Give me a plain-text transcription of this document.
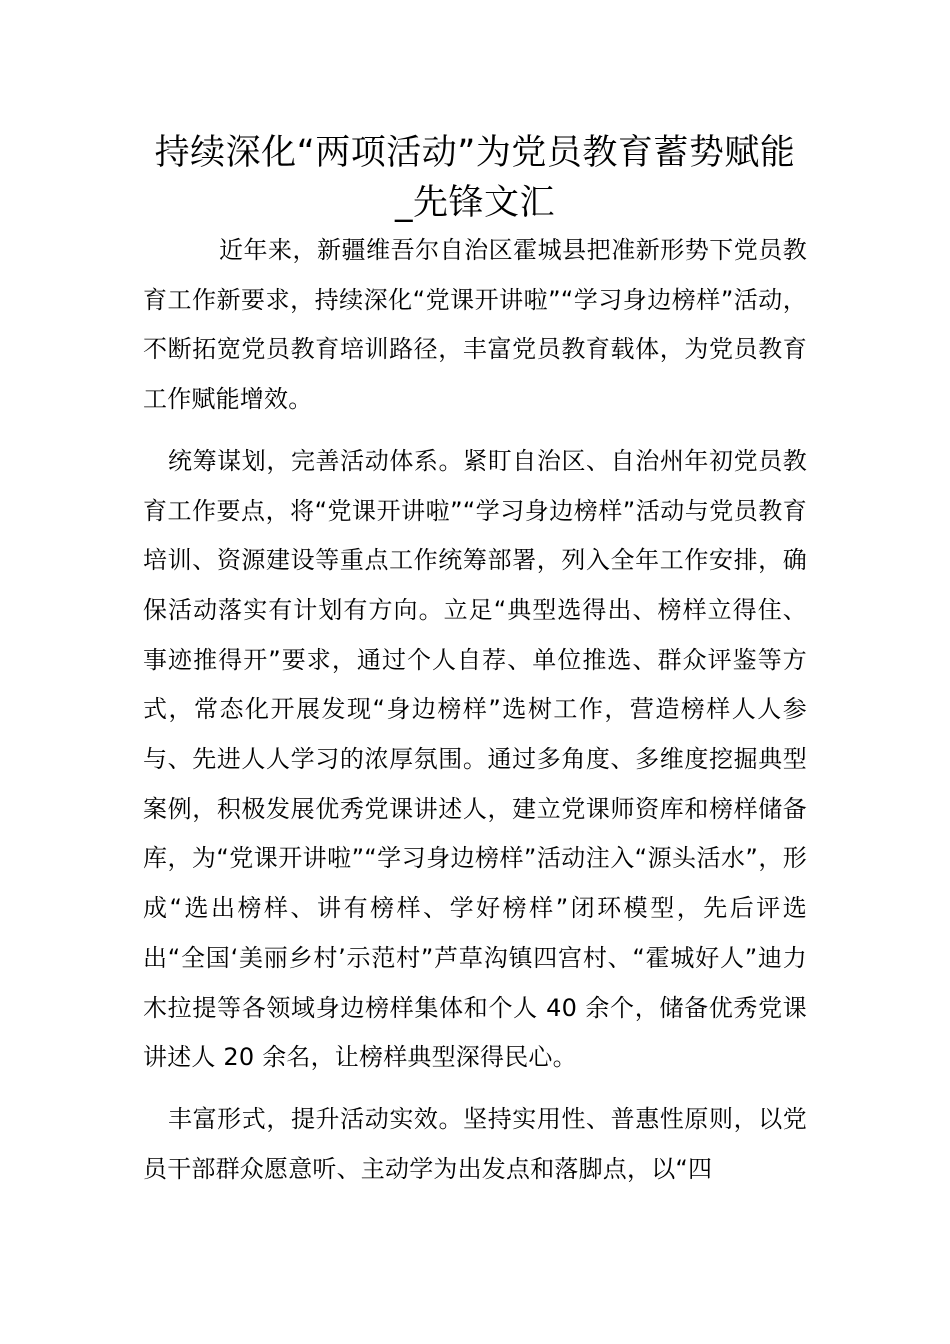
持续深化“两项活动”为党员教育蓄势赋能_先锋文汇

近年来，新疆维吾尔自治区霍城县把准新形势下党员教育工作新要求，持续深化“党课开讲啦”“学习身边榜样”活动，不断拓宽党员教育培训路径，丰富党员教育载体，为党员教育工作赋能增效。

统筹谋划，完善活动体系。紧盯自治区、自治州年初党员教育工作要点，将“党课开讲啦”“学习身边榜样”活动与党员教育培训、资源建设等重点工作统筹部署，列入全年工作安排，确保活动落实有计划有方向。立足“典型选得出、榜样立得住、事迹推得开”要求，通过个人自荐、单位推选、群众评鉴等方式，常态化开展发现“身边榜样”选树工作，营造榜样人人参与、先进人人学习的浓厚氛围。通过多角度、多维度挖掘典型案例，积极发展优秀党课讲述人，建立党课师资库和榜样储备库，为“党课开讲啦”“学习身边榜样”活动注入“源头活水”，形成“选出榜样、讲有榜样、学好榜样”闭环模型，先后评选出“全国‘美丽乡村’示范村”芦草沟镇四宫村、“霍城好人”迪力木拉提等各领域身边榜样集体和个人 40 余个，储备优秀党课讲述人 20 余名，让榜样典型深得民心。

丰富形式，提升活动实效。坚持实用性、普惠性原则，以党员干部群众愿意听、主动学为出发点和落脚点，以“四
